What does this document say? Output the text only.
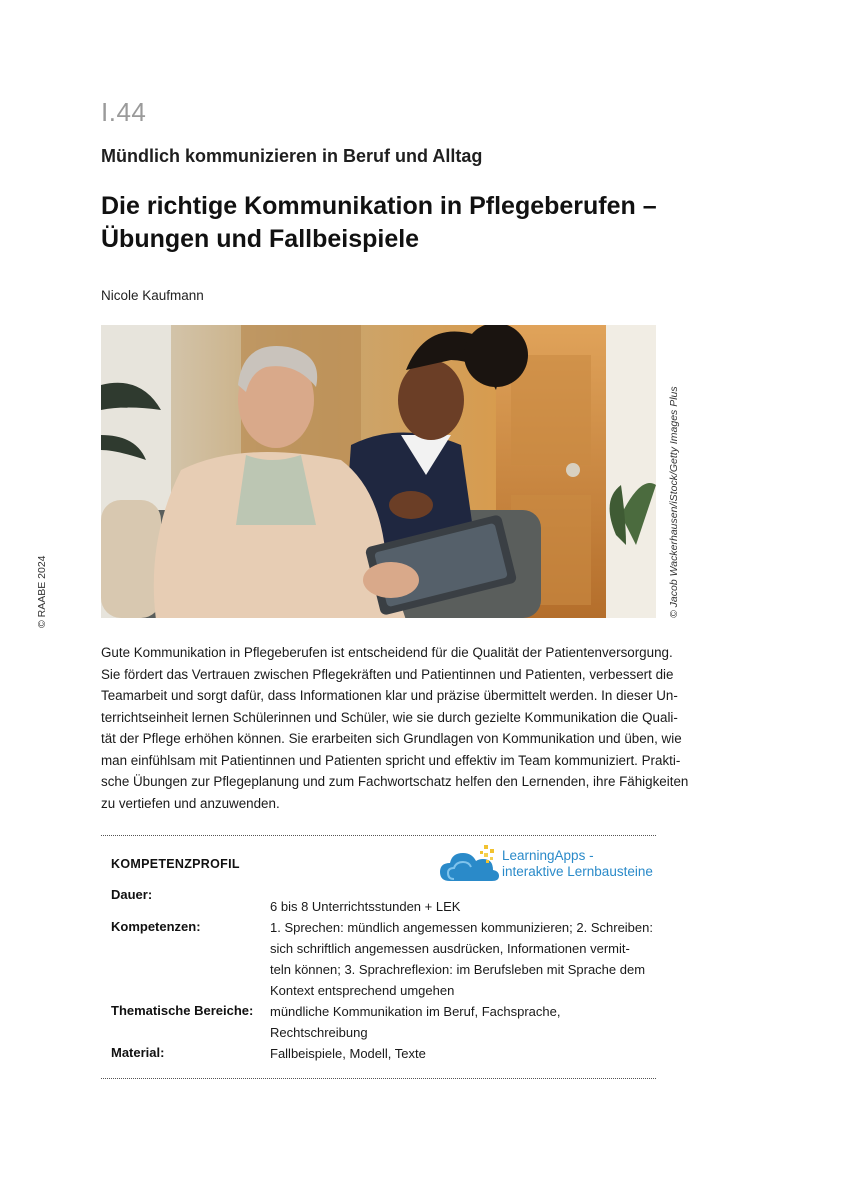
I.44
Mündlich kommunizieren in Beruf und Alltag
Die richtige Kommunikation in Pflegeberufen –
Übungen und Fallbeispiele
Nicole Kaufmann
© Jacob Wackerhausen/iStock/Getty Images Plus
© RAABE 2024
Gute Kommunikation in Pflegeberufen ist entscheidend für die Qualität der Patientenversorgung.
Sie fördert das Vertrauen zwischen Pflegekräften und Patientinnen und Patienten, verbessert die
Teamarbeit und sorgt dafür, dass Informationen klar und präzise übermittelt werden. In dieser Un-
terrichtseinheit lernen Schülerinnen und Schüler, wie sie durch gezielte Kommunikation die Quali-
tät der Pflege erhöhen können. Sie erarbeiten sich Grundlagen von Kommunikation und üben, wie
man einfühlsam mit Patientinnen und Patienten spricht und effektiv im Team kommuniziert. Prakti-
sche Übungen zur Pflegeplanung und zum Fachwortschatz helfen den Lernenden, ihre Fähigkeiten
zu vertiefen und anzuwenden.
KOMPETENZPROFIL
LearningApps -
interaktive Lernbausteine
Dauer:
6 bis 8 Unterrichtsstunden + LEK
Kompetenzen:	1. Sprechen: mündlich angemessen kommunizieren; 2. Schreiben:
sich schriftlich angemessen ausdrücken, Informationen vermit-
teln können; 3. Sprachreflexion: im Berufsleben mit Sprache dem
Kontext entsprechend umgehen
Thematische Bereiche: mündliche Kommunikation im Beruf, Fachsprache,
Rechtschreibung
Material:	Fallbeispiele, Modell, Texte
